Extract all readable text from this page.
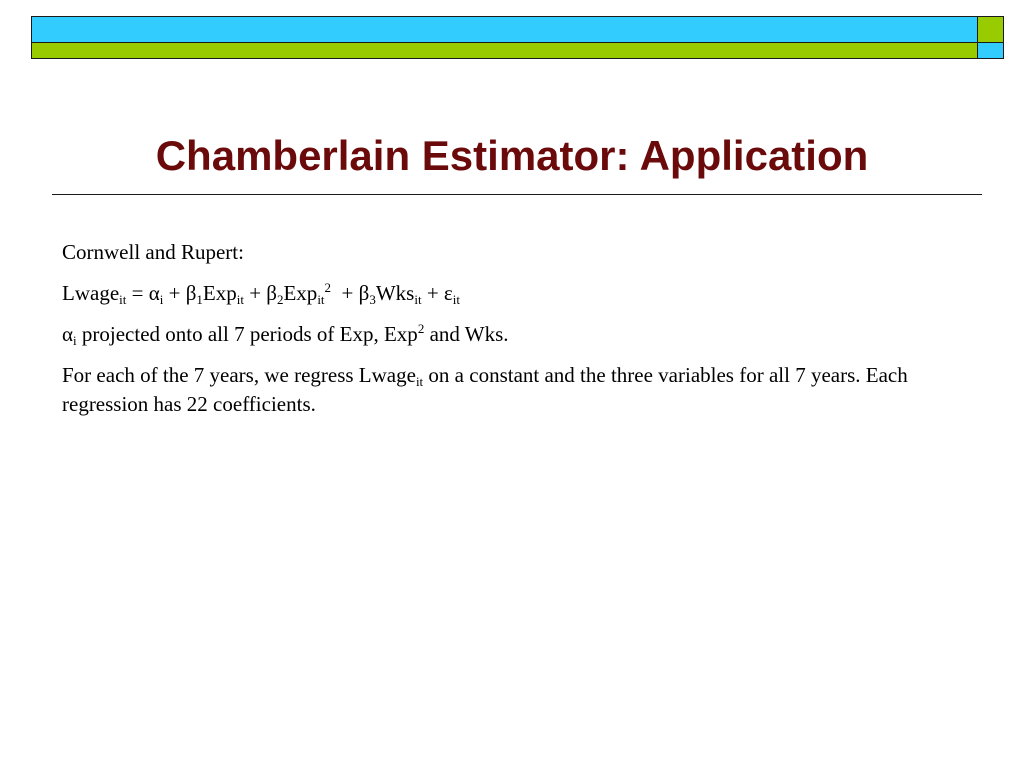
Chamberlain Estimator: Application

Cornwell and Rupert:

Lwage$_{it}$ = $\alpha_i + \beta_1Exp_{it} + \beta_2Exp_{it}^2 + \beta_3Wks_{it} + \varepsilon_{it}$

$\alpha_i$ projected onto all 7 periods of Exp, Exp$^2$ and Wks.

For each of the 7 years, we regress Lwage$_{it}$ on a constant and the three variables for all 7 years. Each regression has 22 coefficients.
